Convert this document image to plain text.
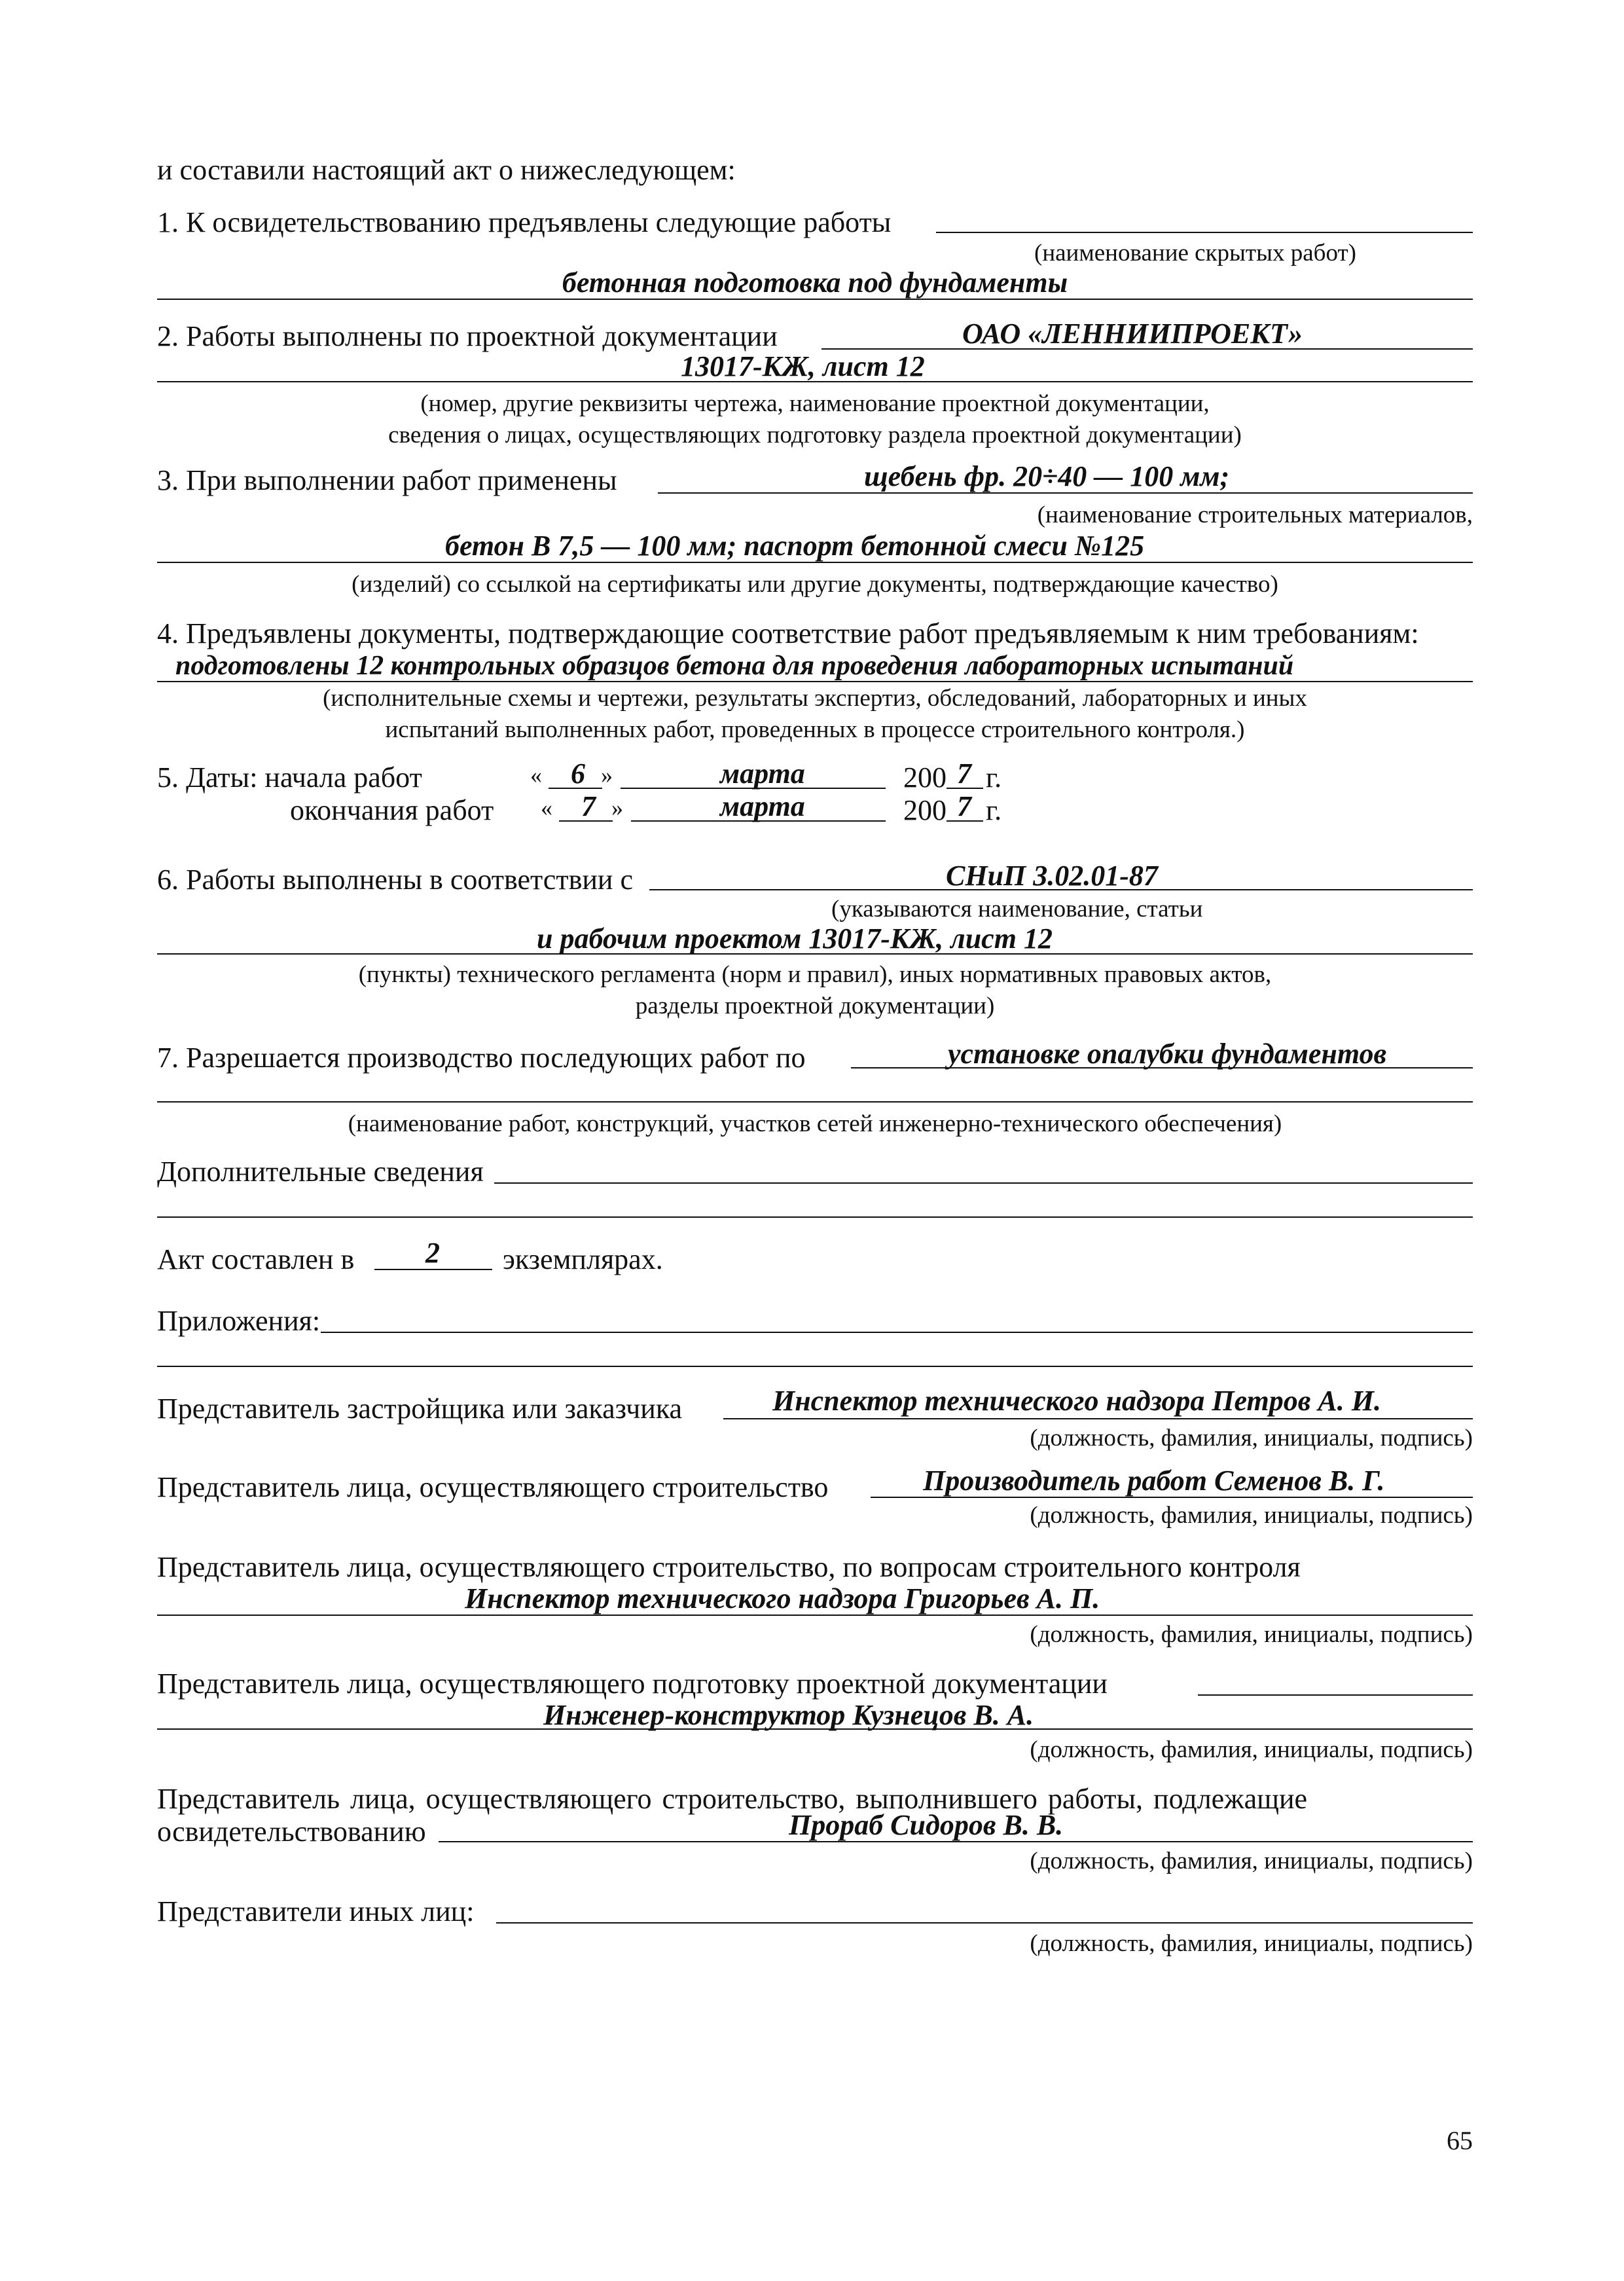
и составили настоящий акт о нижеследующем:
1. К освидетельствованию предъявлены следующие работы
(наименование скрытых работ)
бетонная подготовка под фундаменты
2. Работы выполнены по проектной документации	ОАО «ЛЕННИИПРОЕКТ»
13017-КЖ, лист 12
(номер, другие реквизиты чертежа, наименование проектной документации,
сведения о лицах, осуществляющих подготовку раздела проектной документации)
3. При выполнении работ применены	щебень фр. 20÷40 — 100 мм;
(наименование строительных материалов,
бетон В 7,5 — 100 мм; паспорт бетонной смеси №125
(изделий) со ссылкой на сертификаты или другие документы, подтверждающие качество)
4. Предъявлены документы, подтверждающие соответствие работ предъявляемым к ним требованиям:
подготовлены 12 контрольных образцов бетона для проведения лабораторных испытаний
(исполнительные схемы и чертежи, результаты экспертиз, обследований, лабораторных и иных
испытаний выполненных работ, проведенных в процессе строительного контроля.)
5. Даты: начала работ	« 6 »	марта	200 7 г.
окончания работ « 7 »	марта	200 7 г.
6. Работы выполнены в соответствии с	СНиП 3.02.01-87
(указываются наименование, статьи
и рабочим проектом 13017-КЖ, лист 12
(пункты) технического регламента (норм и правил), иных нормативных правовых актов,
разделы проектной документации)
7. Разрешается производство последующих работ по	установке опалубки фундаментов
(наименование работ, конструкций, участков сетей инженерно-технического обеспечения)
Дополнительные сведения
Акт составлен в 2 экземплярах.
Приложения:
Представитель застройщика или заказчика	Инспектор технического надзора Петров А. И.
(должность, фамилия, инициалы, подпись)
Представитель лица, осуществляющего строительство	Производитель работ Семенов В. Г.
(должность, фамилия, инициалы, подпись)
Представитель лица, осуществляющего строительство, по вопросам строительного контроля
Инспектор технического надзора Григорьев А. П.
(должность, фамилия, инициалы, подпись)
Представитель лица, осуществляющего подготовку проектной документации
Инженер-конструктор Кузнецов В. А.
(должность, фамилия, инициалы, подпись)
Представитель лица, осуществляющего строительство, выполнившего работы, подлежащие
освидетельствованию	Прораб Сидоров В. В.
(должность, фамилия, инициалы, подпись)
Представители иных лиц:
(должность, фамилия, инициалы, подпись)
65
